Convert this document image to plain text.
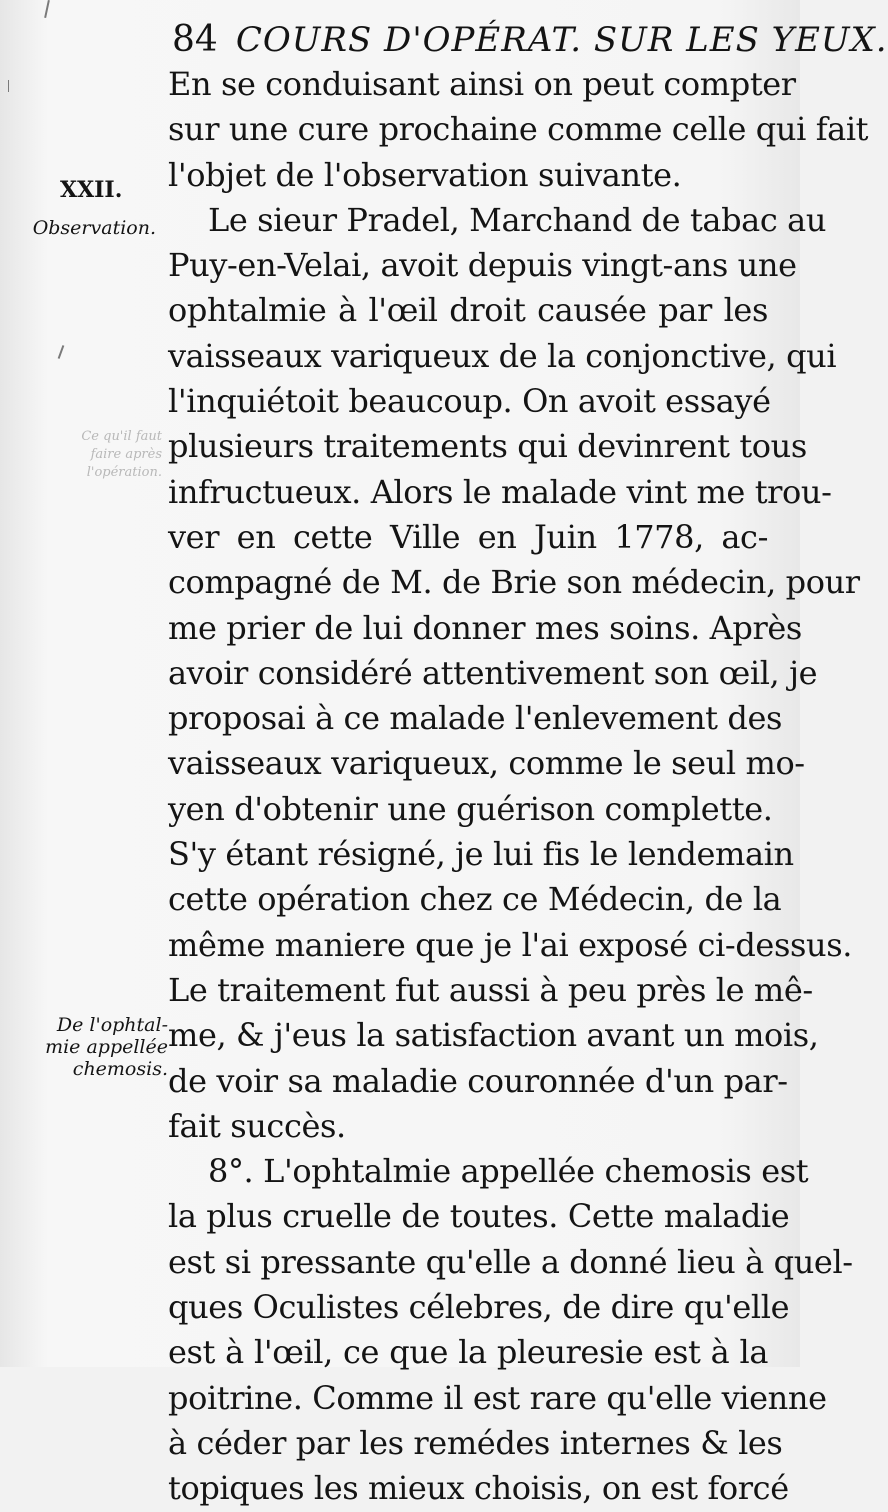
84 COURS D'OPÉRAT. SUR LES YEUX.
XXII.
Observation.
Ce qu'il faut faire après l'opération.
De l'ophtal-
mie appellée
chemosis.
En se conduisant ainsi on peut compter
sur une cure prochaine comme celle qui fait
l'objet de l'observation suivante.
Le sieur Pradel, Marchand de tabac au
Puy-en-Velai, avoit depuis vingt-ans une
ophtalmie à l'œil droit causée par les
vaisseaux variqueux de la conjonctive, qui
l'inquiétoit beaucoup. On avoit essayé
plusieurs traitements qui devinrent tous
infructueux. Alors le malade vint me trou-
ver en cette Ville en Juin 1778, ac-
compagné de M. de Brie son médecin, pour
me prier de lui donner mes soins. Après
avoir considéré attentivement son œil, je
proposai à ce malade l'enlevement des
vaisseaux variqueux, comme le seul mo-
yen d'obtenir une guérison complette.
S'y étant résigné, je lui fis le lendemain
cette opération chez ce Médecin, de la
même maniere que je l'ai exposé ci-dessus.
Le traitement fut aussi à peu près le mê-
me, & j'eus la satisfaction avant un mois,
de voir sa maladie couronnée d'un par-
fait succès.
8°. L'ophtalmie appellée chemosis est
la plus cruelle de toutes. Cette maladie
est si pressante qu'elle a donné lieu à quel-
ques Oculistes célebres, de dire qu'elle
est à l'œil, ce que la pleuresie est à la
poitrine. Comme il est rare qu'elle vienne
à céder par les remédes internes & les
topiques les mieux choisis, on est forcé
